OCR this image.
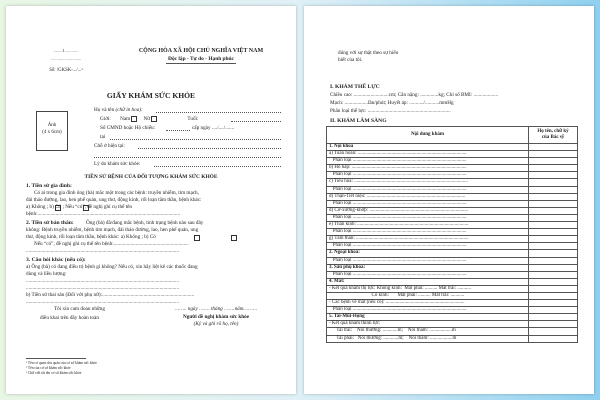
........1............
...........................
Số: /GKSK-.../...¹
CỘNG HÒA XÃ HỘI CHỦ NGHĨA VIỆT NAM
Độc lập - Tự do - Hạnh phúc
GIẤY KHÁM SỨC KHỎE
Ảnh
(4 x 6cm)
Họ và tên (chữ in hoa):
Giới: Nam	Nữ	Tuổi:
Số CMND hoặc Hộ chiếu:	cấp ngày ..../..../.......
tại
Chỗ ở hiện tại:
Lý do khám sức khỏe:
TIỀN SỬ BỆNH CỦA ĐỐI TƯỢNG KHÁM SỨC KHỎE
1. Tiền sử gia đình:
Có ai trong gia đình ông (bà) mắc một trong các bệnh: truyền nhiễm, tim mạch,
đái tháo đường, lao, hen phế quản, ung thư, động kinh, rối loạn tâm thần, bệnh khác:
a) Không ; b) Có ; Nếu “có”, đề nghị ghi cụ thể tên
bệnh:..............................................................................................................
2. Tiền sử bản thân: Ông (bà) đã/đang mắc bệnh, tình trạng bệnh nào sau đây
không: Bệnh truyền nhiễm, bệnh tim mạch, đái tháo đường, lao, hen phế quản, ung
thư, động kinh, rối loạn tâm thần, bệnh khác: a) Không ; b) Có
Nếu “có”, đề nghị ghi cụ thể tên bệnh:..........................................................
......................................................................................................................
3. Câu hỏi khác (nếu có):
a) Ông (bà) có đang điều trị bệnh gì không? Nếu có, xin hãy liệt kê các thuốc đang
dùng và liều lượng:
......................................................................................................................
......................................................................................................................
b) Tiền sử thai sản (Đối với phụ nữ):.......................................................................
......................................................................................................................
Tôi xin cam đoan những
điều khai trên đây hoàn toàn
…….. ngày ……. tháng …….năm………
Người đề nghị khám sức khỏe
(Ký và ghi rõ họ, tên)
¹ Tên cơ quan chủ quản của cơ sở khám sức khỏe
² Tên của cơ sở khám sức khỏe
³ Chữ viết tắt tên cơ sở khám sức khỏe
đúng với sự thật theo sự hiểu
biết của tôi.
I. KHÁM THỂ LỰC
Chiều cao: ...........................cm; Cân nặng: ..............kg; Chỉ số BMI: ...................
Mạch: ..................lần/phút; Huyết áp: .........../...........mmHg
Phân loại thể lực: ................................................................
II. KHÁM LÂM SÀNG
Nội dung khám	Họ tên, chữ ký
của Bác sỹ
1. Nội khoa	
a) Tuần hoàn: .......................................................................................	
Phân loại ...........................................................................................	
b) Hô hấp: ............................................................................................	
Phân loại ...........................................................................................	
c) Tiêu hóa: ...........................................................................................	
Phân loại ...........................................................................................	
d) Thận-Tiết niệu: ...............................................................................	
Phân loại ...........................................................................................	
đ) Cơ-xương-khớp: ...............................................................................	
Phân loại ...........................................................................................	
e) Thần kinh: .........................................................................................	
Phân loại ...........................................................................................	
g) Tâm thần: ..........................................................................................	
Phân loại ...........................................................................................	
2. Ngoại khoa:	
Phân loại ...........................................................................................	
3. Sản phụ khoa:	
Phân loại ...........................................................................................	
4. Mắt:	
- Kết quả khám thị lực: Không kính:  Mắt phải: .......... Mắt trái: ...........	
Có kính:       Mắt phải: .......... Mắt trái: ...........	
- Các bệnh về mắt (nếu có): ...............................................................	
Phân loại ...........................................................................................	
5. Tai-Mũi-Họng	
- Kết quả khám thính lực:	
Tai trái:    Nói thường: ............m;    Nói thầm: ..................m	
Tai phải:   Nói thường: ............m;    Nói thầm: ..................m	
